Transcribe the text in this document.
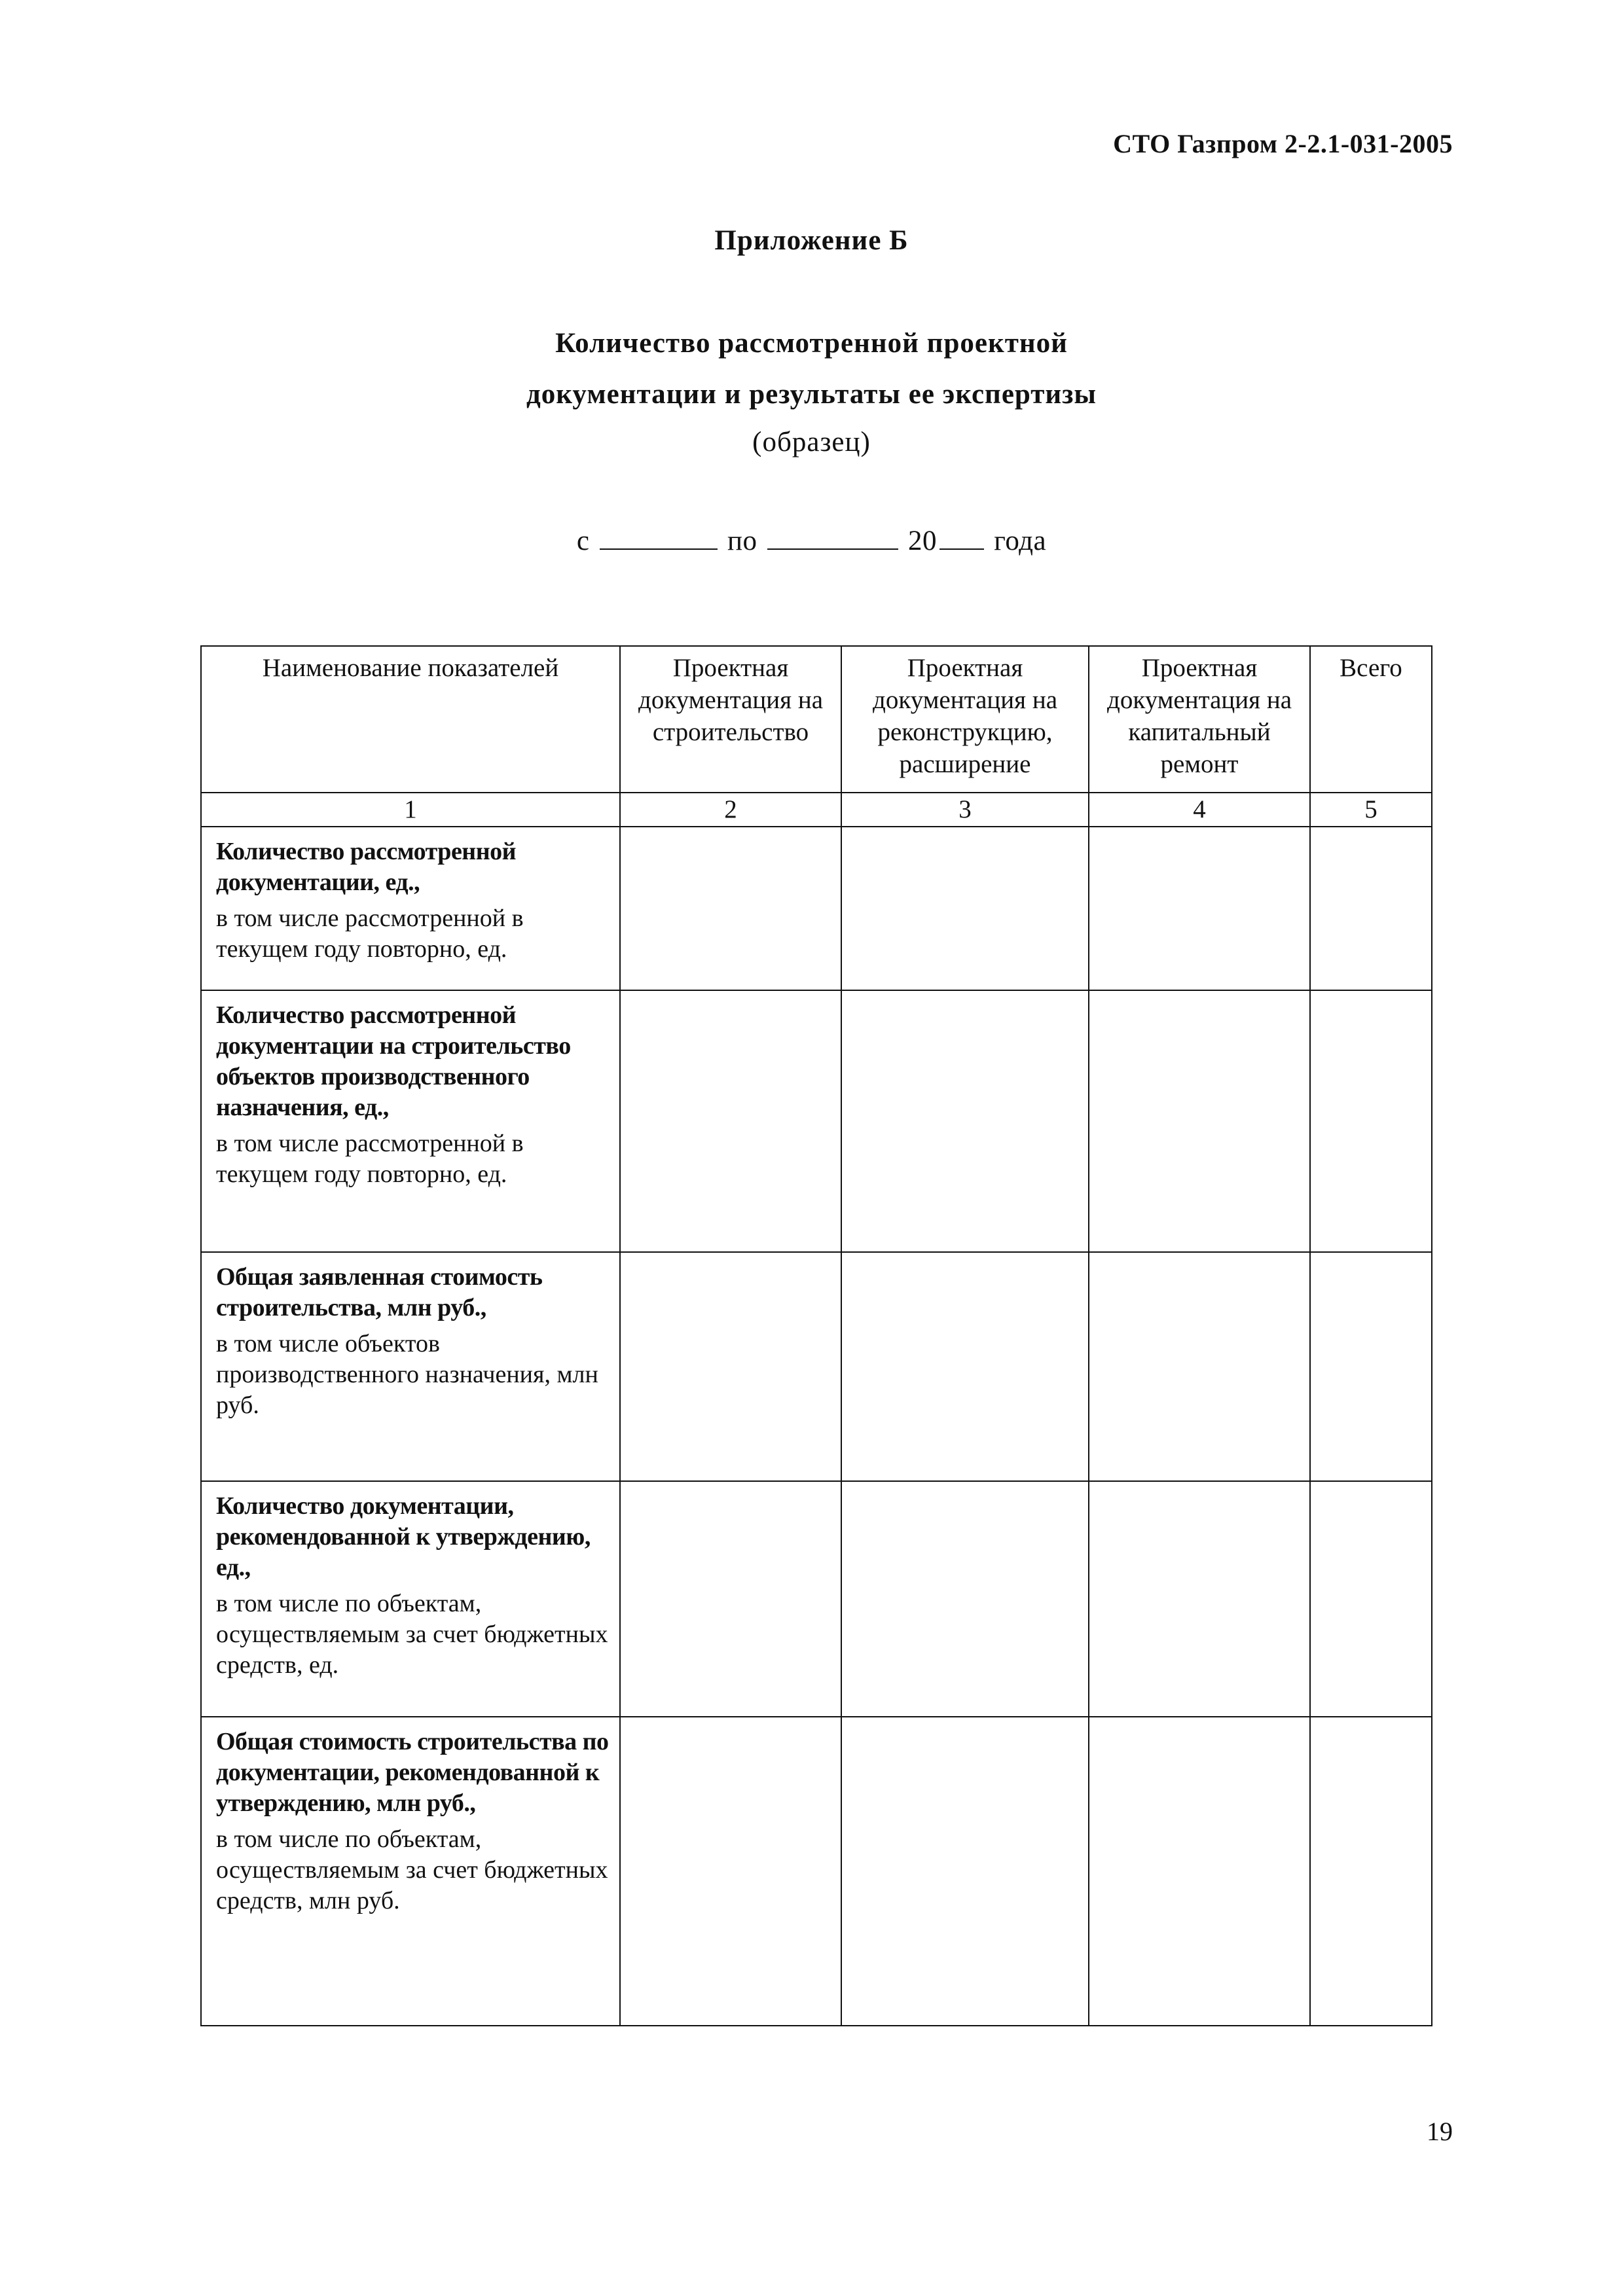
СТО Газпром 2-2.1-031-2005
Приложение Б
Количество рассмотренной проектной
документации и результаты ее экспертизы
(образец)
с	по	20 года
Наименование показателей	Проектная документация на строительство	Проектная документация на реконструкцию, расширение	Проектная документация на капитальный ремонт	Всего
1	2	3	4	5

Количество рассмотренной документации, ед.,
в том числе рассмотренной в текущем году повторно, ед.				

Количество рассмотренной документации на строительство объектов производственного назначения, ед.,
в том числе рассмотренной в текущем году повторно, ед.				

Общая заявленная стоимость строительства, млн руб.,
в том числе объектов производственного назначения, млн руб.				

Количество документации, рекомендованной к утверждению, ед.,
в том числе по объектам, осуществляемым за счет бюджетных средств, ед.				

Общая стоимость строительства по документации, рекомендованной к утверждению, млн руб.,
в том числе по объектам, осуществляемым за счет бюджетных средств, млн руб.				

19
